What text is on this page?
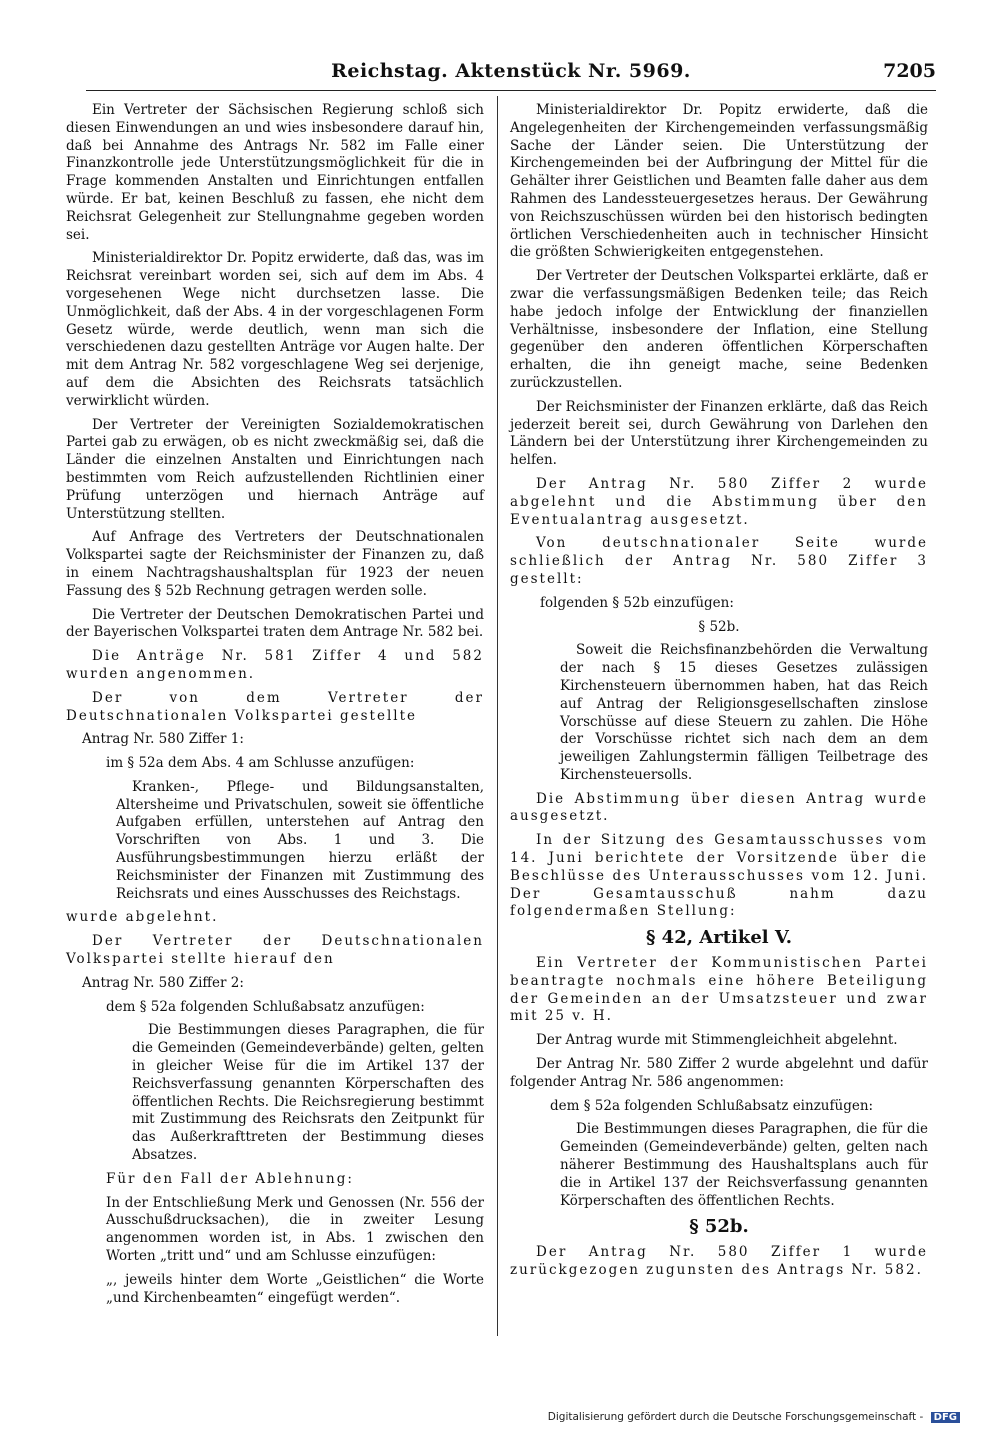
Reichstag. Aktenstück Nr. 5969.	7205

Ein Vertreter der Sächsischen Regierung schloß sich diesen Einwendungen an und wies insbesondere darauf hin, daß bei Annahme des Antrags Nr. 582 im Falle einer Finanzkontrolle jede Unterstützungsmöglichkeit für die in Frage kommenden Anstalten und Einrichtungen entfallen würde. Er bat, keinen Beschluß zu fassen, ehe nicht dem Reichsrat Gelegenheit zur Stellungnahme gegeben worden sei.

Ministerialdirektor Dr. Popitz erwiderte, daß das, was im Reichsrat vereinbart worden sei, sich auf dem im Abs. 4 vorgesehenen Wege nicht durchsetzen lasse. Die Unmöglichkeit, daß der Abs. 4 in der vorgeschlagenen Form Gesetz würde, werde deutlich, wenn man sich die verschiedenen dazu gestellten Anträge vor Augen halte. Der mit dem Antrag Nr. 582 vorgeschlagene Weg sei derjenige, auf dem die Absichten des Reichsrats tatsächlich verwirklicht würden.

Der Vertreter der Vereinigten Sozialdemokratischen Partei gab zu erwägen, ob es nicht zweckmäßig sei, daß die Länder die einzelnen Anstalten und Einrichtungen nach bestimmten vom Reich aufzustellenden Richtlinien einer Prüfung unterzögen und hiernach Anträge auf Unterstützung stellten.

Auf Anfrage des Vertreters der Deutschnationalen Volkspartei sagte der Reichsminister der Finanzen zu, daß in einem Nachtragshaushaltsplan für 1923 der neuen Fassung des § 52b Rechnung getragen werden solle.

Die Vertreter der Deutschen Demokratischen Partei und der Bayerischen Volkspartei traten dem Antrage Nr. 582 bei.

Die Anträge Nr. 581 Ziffer 4 und 582 wurden angenommen.

Der von dem Vertreter der Deutschnationalen Volkspartei gestellte

Antrag Nr. 580 Ziffer 1:

im § 52a dem Abs. 4 am Schlusse anzufügen:

Kranken-, Pflege- und Bildungsanstalten, Altersheime und Privatschulen, soweit sie öffentliche Aufgaben erfüllen, unterstehen auf Antrag den Vorschriften von Abs. 1 und 3. Die Ausführungsbestimmungen hierzu erläßt der Reichsminister der Finanzen mit Zustimmung des Reichsrats und eines Ausschusses des Reichstags.

wurde abgelehnt.

Der Vertreter der Deutschnationalen Volkspartei stellte hierauf den

Antrag Nr. 580 Ziffer 2:

dem § 52a folgenden Schlußabsatz anzufügen:

Die Bestimmungen dieses Paragraphen, die für die Gemeinden (Gemeindeverbände) gelten, gelten in gleicher Weise für die im Artikel 137 der Reichsverfassung genannten Körperschaften des öffentlichen Rechts. Die Reichsregierung bestimmt mit Zustimmung des Reichsrats den Zeitpunkt für das Außerkrafttreten der Bestimmung dieses Absatzes.

Für den Fall der Ablehnung:

In der Entschließung Merk und Genossen (Nr. 556 der Ausschußdrucksachen), die in zweiter Lesung angenommen worden ist, in Abs. 1 zwischen den Worten „tritt und“ und am Schlusse einzufügen:

„, jeweils hinter dem Worte „Geistlichen“ die Worte „und Kirchenbeamten“ eingefügt werden“.

Ministerialdirektor Dr. Popitz erwiderte, daß die Angelegenheiten der Kirchengemeinden verfassungsmäßig Sache der Länder seien. Die Unterstützung der Kirchengemeinden bei der Aufbringung der Mittel für die Gehälter ihrer Geistlichen und Beamten falle daher aus dem Rahmen des Landessteuergesetzes heraus. Der Gewährung von Reichszuschüssen würden bei den historisch bedingten örtlichen Verschiedenheiten auch in technischer Hinsicht die größten Schwierigkeiten entgegenstehen.

Der Vertreter der Deutschen Volkspartei erklärte, daß er zwar die verfassungsmäßigen Bedenken teile; das Reich habe jedoch infolge der Entwicklung der finanziellen Verhältnisse, insbesondere der Inflation, eine Stellung gegenüber den anderen öffentlichen Körperschaften erhalten, die ihn geneigt mache, seine Bedenken zurückzustellen.

Der Reichsminister der Finanzen erklärte, daß das Reich jederzeit bereit sei, durch Gewährung von Darlehen den Ländern bei der Unterstützung ihrer Kirchengemeinden zu helfen.

Der Antrag Nr. 580 Ziffer 2 wurde abgelehnt und die Abstimmung über den Eventualantrag ausgesetzt.

Von deutschnationaler Seite wurde schließlich der Antrag Nr. 580 Ziffer 3 gestellt:

folgenden § 52b einzufügen:

§ 52b.

Soweit die Reichsfinanzbehörden die Verwaltung der nach § 15 dieses Gesetzes zulässigen Kirchensteuern übernommen haben, hat das Reich auf Antrag der Religionsgesellschaften zinslose Vorschüsse auf diese Steuern zu zahlen. Die Höhe der Vorschüsse richtet sich nach dem an dem jeweiligen Zahlungstermin fälligen Teilbetrage des Kirchensteuersolls.

Die Abstimmung über diesen Antrag wurde ausgesetzt.

In der Sitzung des Gesamtausschusses vom 14. Juni berichtete der Vorsitzende über die Beschlüsse des Unterausschusses vom 12. Juni. Der Gesamtausschuß nahm dazu folgendermaßen Stellung:

§ 42, Artikel V.

Ein Vertreter der Kommunistischen Partei beantragte nochmals eine höhere Beteiligung der Gemeinden an der Umsatzsteuer und zwar mit 25 v. H.

Der Antrag wurde mit Stimmengleichheit abgelehnt.

Der Antrag Nr. 580 Ziffer 2 wurde abgelehnt und dafür folgender Antrag Nr. 586 angenommen:

dem § 52a folgenden Schlußabsatz einzufügen:

Die Bestimmungen dieses Paragraphen, die für die Gemeinden (Gemeindeverbände) gelten, gelten nach näherer Bestimmung des Haushaltsplans auch für die in Artikel 137 der Reichsverfassung genannten Körperschaften des öffentlichen Rechts.

§ 52b.

Der Antrag Nr. 580 Ziffer 1 wurde zurückgezogen zugunsten des Antrags Nr. 582.

Digitalisierung gefördert durch die Deutsche Forschungsgemeinschaft - DFG
